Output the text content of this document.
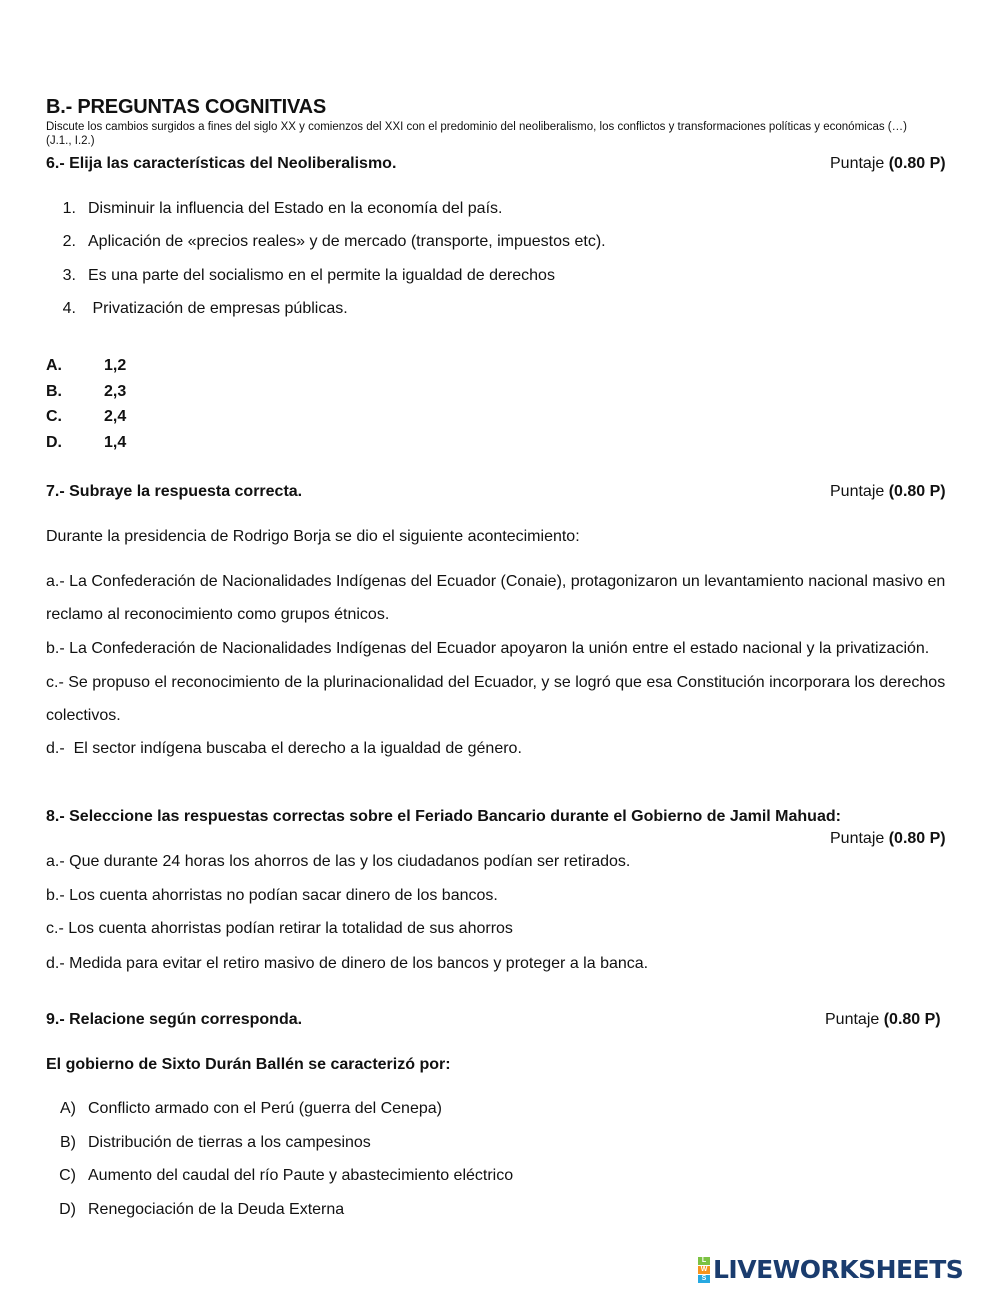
B.- PREGUNTAS COGNITIVAS

Discute los cambios surgidos a fines del siglo XX y comienzos del XXI con el predominio del neoliberalismo, los conflictos y transformaciones políticas y económicas (…)

(J.1., I.2.)

6.- Elija las características del Neoliberalismo.	Puntaje (0.80 P)

1. Disminuir la influencia del Estado en la economía del país.

2. Aplicación de «precios reales» y de mercado (transporte, impuestos etc).

3. Es una parte del socialismo en el permite la igualdad de derechos

4. Privatización de empresas públicas.

A.	1,2

B.	2,3

C.	2,4

D.	1,4

7.- Subraye la respuesta correcta.	Puntaje (0.80 P)

Durante la presidencia de Rodrigo Borja se dio el siguiente acontecimiento:

a.- La Confederación de Nacionalidades Indígenas del Ecuador (Conaie), protagonizaron un levantamiento nacional masivo en

reclamo al reconocimiento como grupos étnicos.

b.- La Confederación de Nacionalidades Indígenas del Ecuador apoyaron la unión entre el estado nacional y la privatización.

c.- Se propuso el reconocimiento de la plurinacionalidad del Ecuador, y se logró que esa Constitución incorporara los derechos

colectivos.

d.-  El sector indígena buscaba el derecho a la igualdad de género.

8.- Seleccione las respuestas correctas sobre el Feriado Bancario durante el Gobierno de Jamil Mahuad:

Puntaje (0.80 P)

a.- Que durante 24 horas los ahorros de las y los ciudadanos podían ser retirados.

b.- Los cuenta ahorristas no podían sacar dinero de los bancos.

c.- Los cuenta ahorristas podían retirar la totalidad de sus ahorros

d.- Medida para evitar el retiro masivo de dinero de los bancos y proteger a la banca.

9.- Relacione según corresponda.	Puntaje (0.80 P)

El gobierno de Sixto Durán Ballén se caracterizó por:

A) Conflicto armado con el Perú (guerra del Cenepa)

B) Distribución de tierras a los campesinos

C) Aumento del caudal del río Paute y abastecimiento eléctrico

D) Renegociación de la Deuda Externa

L
W
S LIVEWORKSHEETS
